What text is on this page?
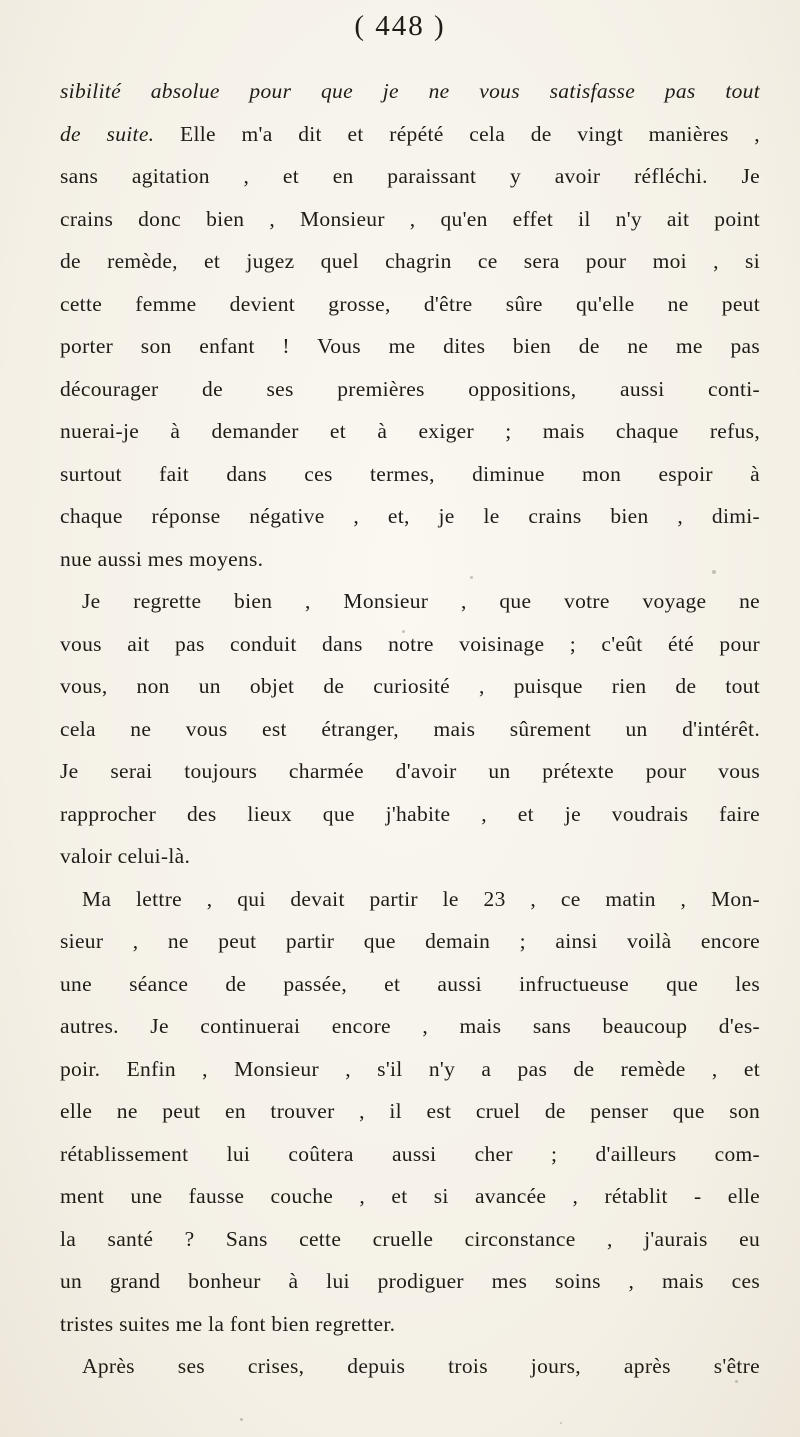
( 448 )
sibilité absolue pour que je ne vous satisfasse pas tout
de suite. Elle m'a dit et répété cela de vingt manières ,
sans agitation , et en paraissant y avoir réfléchi. Je
crains donc bien , Monsieur , qu'en effet il n'y ait point
de remède, et jugez quel chagrin ce sera pour moi , si
cette femme devient grosse, d'être sûre qu'elle ne peut
porter son enfant ! Vous me dites bien de ne me pas
décourager de ses premières oppositions, aussi conti-
nuerai-je à demander et à exiger ; mais chaque refus,
surtout fait dans ces termes, diminue mon espoir à
chaque réponse négative , et, je le crains bien , dimi-
nue aussi mes moyens.
Je regrette bien , Monsieur , que votre voyage ne
vous ait pas conduit dans notre voisinage ; c'eût été pour
vous, non un objet de curiosité , puisque rien de tout
cela ne vous est étranger, mais sûrement un d'intérêt.
Je serai toujours charmée d'avoir un prétexte pour vous
rapprocher des lieux que j'habite , et je voudrais faire
valoir celui-là.
Ma lettre , qui devait partir le 23 , ce matin , Mon-
sieur , ne peut partir que demain ; ainsi voilà encore
une séance de passée, et aussi infructueuse que les
autres. Je continuerai encore , mais sans beaucoup d'es-
poir. Enfin , Monsieur , s'il n'y a pas de remède , et
elle ne peut en trouver , il est cruel de penser que son
rétablissement lui coûtera aussi cher ; d'ailleurs com-
ment une fausse couche , et si avancée , rétablit - elle
la santé ? Sans cette cruelle circonstance , j'aurais eu
un grand bonheur à lui prodiguer mes soins , mais ces
tristes suites me la font bien regretter.
Après ses crises, depuis trois jours, après s'être
